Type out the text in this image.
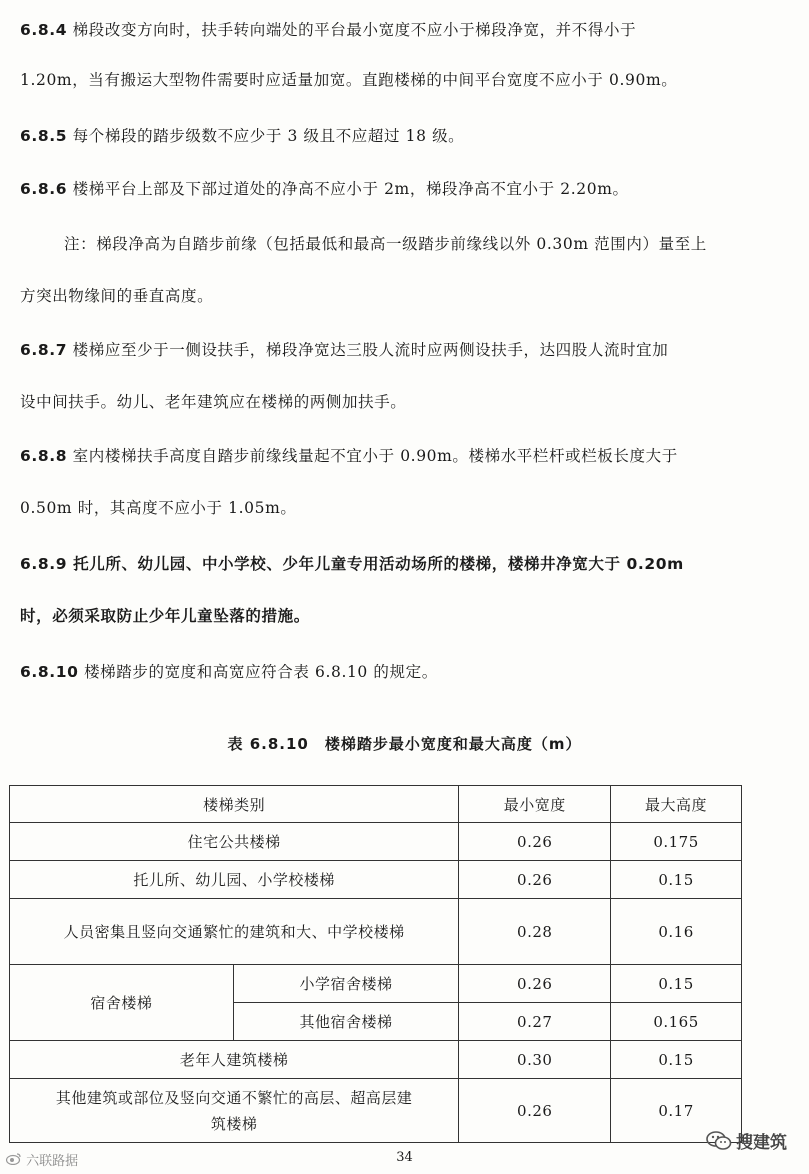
6.8.4 梯段改变方向时，扶手转向端处的平台最小宽度不应小于梯段净宽，并不得小于
1.20m，当有搬运大型物件需要时应适量加宽。直跑楼梯的中间平台宽度不应小于 0.90m。
6.8.5 每个梯段的踏步级数不应少于 3 级且不应超过 18 级。
6.8.6 楼梯平台上部及下部过道处的净高不应小于 2m，梯段净高不宜小于 2.20m。
注：梯段净高为自踏步前缘（包括最低和最高一级踏步前缘线以外 0.30m 范围内）量至上
方突出物缘间的垂直高度。
6.8.7 楼梯应至少于一侧设扶手，梯段净宽达三股人流时应两侧设扶手，达四股人流时宜加
设中间扶手。幼儿、老年建筑应在楼梯的两侧加扶手。
6.8.8 室内楼梯扶手高度自踏步前缘线量起不宜小于 0.90m。楼梯水平栏杆或栏板长度大于
0.50m 时，其高度不应小于 1.05m。
6.8.9 托儿所、幼儿园、中小学校、少年儿童专用活动场所的楼梯，楼梯井净宽大于 0.20m
时，必须采取防止少年儿童坠落的措施。
6.8.10 楼梯踏步的宽度和高宽应符合表 6.8.10 的规定。
表 6.8.10　楼梯踏步最小宽度和最大高度（m）
楼梯类别		最小宽度	最大高度
住宅公共楼梯		0.26	0.175
托儿所、幼儿园、小学校楼梯		0.26	0.15
人员密集且竖向交通繁忙的建筑和大、中学校楼梯		0.28	0.16
宿舍楼梯	小学宿舍楼梯	0.26	0.15
	其他宿舍楼梯	0.27	0.165
老年人建筑楼梯		0.30	0.15
其他建筑或部位及竖向交通不繁忙的高层、超高层建筑楼梯		0.26	0.17
34
六联路据
搜建筑
